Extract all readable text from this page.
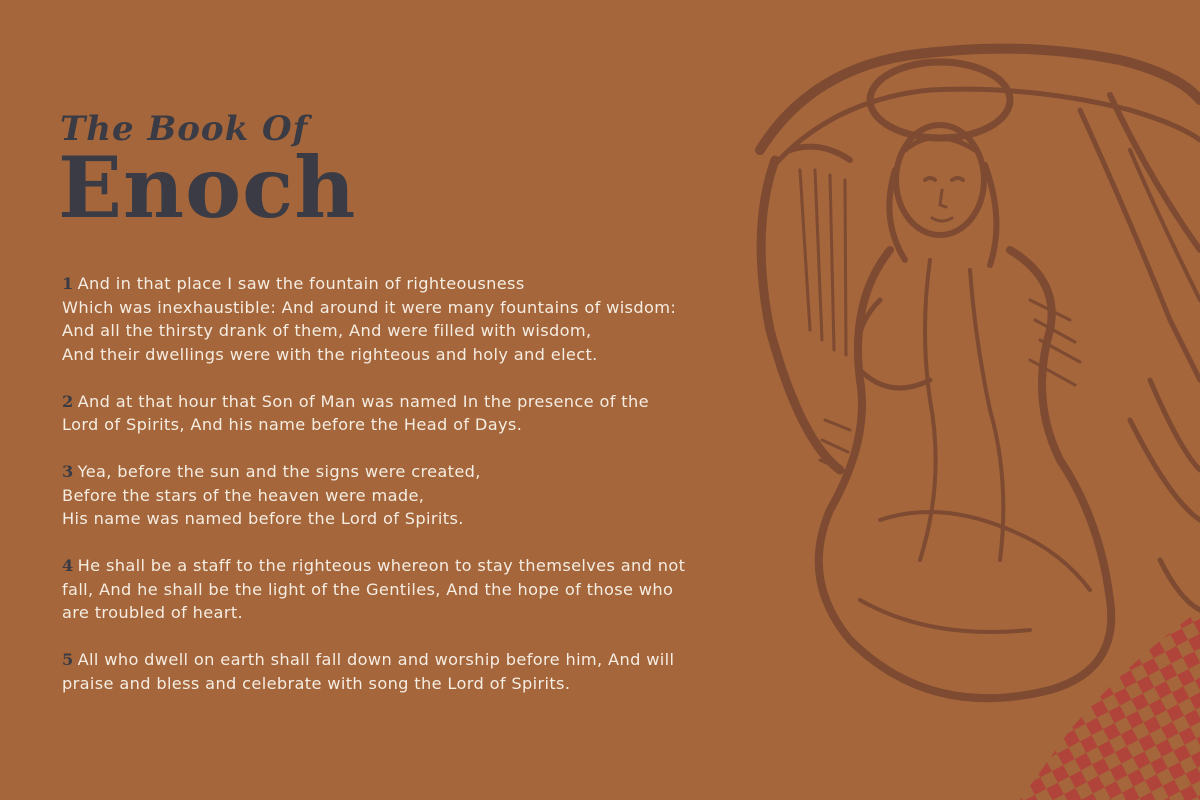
The Book Of
Enoch
1 And in that place I saw the fountain of righteousness
Which was inexhaustible: And around it were many fountains of wisdom:
And all the thirsty drank of them, And were filled with wisdom,
And their dwellings were with the righteous and holy and elect.
2 And at that hour that Son of Man was named In the presence of the
Lord of Spirits, And his name before the Head of Days.
3 Yea, before the sun and the signs were created,
Before the stars of the heaven were made,
His name was named before the Lord of Spirits.
4 He shall be a staff to the righteous whereon to stay themselves and not
fall, And he shall be the light of the Gentiles, And the hope of those who
are troubled of heart.
5 All who dwell on earth shall fall down and worship before him, And will
praise and bless and celebrate with song the Lord of Spirits.
